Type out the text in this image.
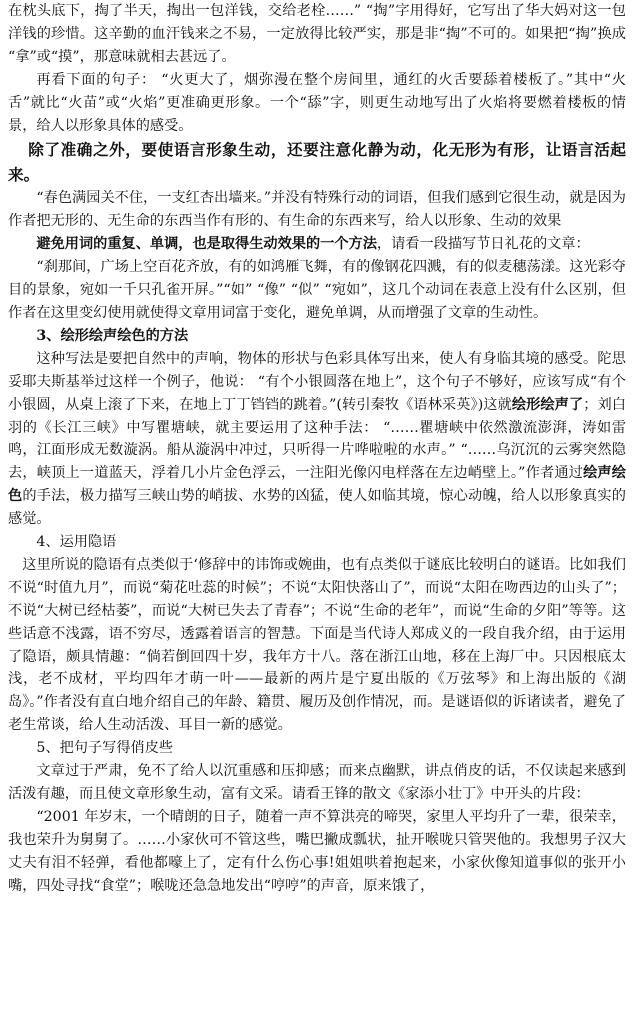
在枕头底下，掏了半天，掏出一包洋钱，交给老栓……” “掏”字用得好，它写出了华大妈对这一包洋钱的珍惜。这辛勤的血汗钱来之不易，一定放得比较严实，那是非“掏”不可的。如果把“掏”换成 “拿”或“摸”，那意味就相去甚远了。

再看下面的句子： “火更大了，烟弥漫在整个房间里，通红的火舌要舔着楼板了。”其中“火舌”就比“火苗”或“火焰”更准确更形象。一个“舔”字，则更生动地写出了火焰将要燃着楼板的情景，给人以形象具体的感受。

除了准确之外，要使语言形象生动，还要注意化静为动，化无形为有形，让语言活起来。

“春色满园关不住，一支红杏出墙来。”并没有特殊行动的词语，但我们感到它很生动，就是因为作者把无形的、无生命的东西当作有形的、有生命的东西来写，给人以形象、生动的效果

避免用词的重复、单调，也是取得生动效果的一个方法，请看一段描写节日礼花的文章：

“刹那间，广场上空百花齐放，有的如鸿雁飞舞，有的像钢花四溅，有的似麦穗荡漾。这光彩夺目的景象，宛如一千只孔雀开屏。”“如” “像” “似” “宛如”，这几个动词在表意上没有什么区别，但作者在这里变幻使用就使得文章用词富于变化，避免单调，从而增强了文章的生动性。

3、绘形绘声绘色的方法

这种写法是要把自然中的声响，物体的形状与色彩具体写出来，使人有身临其境的感受。陀思妥耶夫斯基举过这样一个例子，他说： “有个小银圆落在地上”，这个句子不够好，应该写成“有个小银圆，从桌上滚了下来，在地上丁丁铛铛的跳着。”(转引秦牧《语林采英》)这就绘形绘声了；刘白羽的《长江三峡》中写瞿塘峡，就主要运用了这种手法： “……瞿塘峡中依然激流澎湃，涛如雷鸣，江面形成无数漩涡。船从漩涡中冲过，只听得一片哗啦啦的水声。” “……乌沉沉的云雾突然隐去，峡顶上一道蓝天，浮着几小片金色浮云，一注阳光像闪电样落在左边峭壁上。”作者通过绘声绘色的手法，极力描写三峡山势的峭拔、水势的凶猛，使人如临其境，惊心动魄，给人以形象真实的感觉。

4、运用隐语

这里所说的隐语有点类似于‘修辞中的讳饰或婉曲，也有点类似于谜底比较明白的谜语。比如我们不说“时值九月”，而说“菊花吐蕊的时候”；不说“太阳快落山了”，而说“太阳在吻西边的山头了”；不说“大树已经枯萎”，而说“大树已失去了青春”；不说“生命的老年”，而说“生命的夕阳”等等。这些话意不浅露，语不穷尽，透露着语言的智慧。下面是当代诗人郑成义的一段自我介绍，由于运用了隐语，颇具情趣：“倘若倒回四十岁，我年方十八。落在浙江山地，移在上海厂中。只因根底太浅，老不成材，平均四年才萌一叶——最新的两片是宁夏出版的《万弦琴》和上海出版的《湖岛》。”作者没有直白地介绍自己的年龄、籍贯、履历及创作情况，而。是谜语似的诉诸读者，避免了老生常谈，给人生动活泼、耳目一新的感觉。

5、把句子写得俏皮些

文章过于严肃，免不了给人以沉重感和压抑感；而来点幽默，讲点俏皮的话，不仅读起来感到活泼有趣，而且使文章形象生动，富有文采。请看王锋的散文《家添小壮丁》中开头的片段：

“2001 年岁末，一个晴朗的日子，随着一声不算洪亮的啼哭，家里人平均升了一辈，很荣幸，我也荣升为舅舅了。……小家伙可不管这些，嘴巴撇成瓢状，扯开喉咙只管哭他的。我想男子汉大丈夫有泪不轻弹，看他都嚎上了，定有什么伤心事!姐姐哄着抱起来，小家伙像知道事似的张开小嘴，四处寻找“食堂”；喉咙还急急地发出“哼哼”的声音，原来饿了，
